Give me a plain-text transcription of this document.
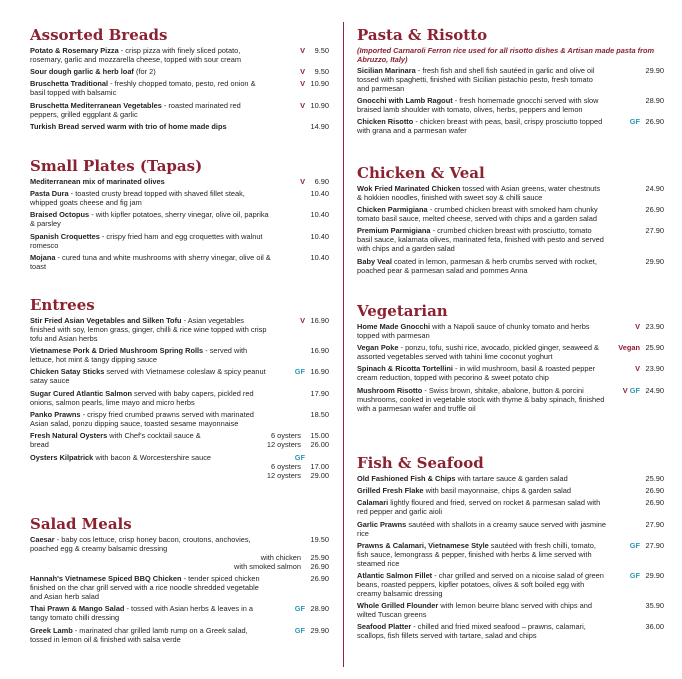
Assorted Breads
Potato & Rosemary Pizza - crisp pizza with finely sliced potato, rosemary, garlic and mozzarella cheese, topped with sour cream
V 9.50
Sour dough garlic & herb loaf (for 2)	V 9.50
Bruschetta Traditional - freshly chopped tomato, pesto, red onion & basil topped with balsamic
V 10.90
Bruschetta Mediterranean Vegetables - roasted marinated red peppers, grilled eggplant & garlic
V 10.90
Turkish Bread served warm with trio of home made dips	14.90
Small Plates (Tapas)
Mediterranean mix of marinated olives	V 6.90
Pasta Dura - toasted crusty bread topped with shaved fillet steak, whipped goats cheese and fig jam
10.40
Braised Octopus - with kipfler potatoes, sherry vinegar, olive oil, paprika & parsley
10.40
Spanish Croquettes - crispy fried ham and egg croquettes with walnut romesco
10.40
Mojana - cured tuna and white mushrooms with sherry vinegar, olive oil & toast
10.40
Entrees
Stir Fried Asian Vegetables and Silken Tofu - Asian vegetables finished with soy, lemon grass, ginger, chilli & rice wine topped with crisp tofu and Asian herbs
V 16.90
Vietnamese Pork & Dried Mushroom Spring Rolls - served with lettuce, hot mint & tangy dipping sauce
16.90
Chicken Satay Sticks served with Vietnamese coleslaw & spicy peanut satay sauce
GF 16.90
Sugar Cured Atlantic Salmon served with baby capers, pickled red onions, salmon pearls, lime mayo and micro herbs
17.90
Panko Prawns - crispy fried crumbed prawns served with marinated Asian salad, ponzu dipping sauce, toasted sesame mayonnaise
18.50
Fresh Natural Oysters with Chef's cocktail sauce & bread
6 oysters	15.00
12 oysters	26.00
Oysters Kilpatrick with bacon & Worcestershire sauce	GF
6 oysters	17.00
12 oysters	29.00
Salad Meals
Caesar - baby cos lettuce, crisp honey bacon, croutons, anchovies, poached egg & creamy balsamic dressing
19.50
with chicken	25.90
with smoked salmon	26.90
Hannah's Vietnamese Spiced BBQ Chicken - tender spiced chicken finished on the char grill served with a rice noodle shredded vegetable and Asian herb salad
26.90
Thai Prawn & Mango Salad - tossed with Asian herbs & leaves in a tangy tomato chilli dressing
GF 28.90
Greek Lamb - marinated char grilled lamb rump on a Greek salad, tossed in lemon oil & finished with salsa verde
GF 29.90
Pasta & Risotto
(Imported Carnaroli Ferron rice used for all risotto dishes & Artisan made pasta from Abruzzo, Italy)
Sicilian Marinara - fresh fish and shell fish sautéed in garlic and olive oil tossed with spaghetti, finished with Sicilian pistachio pesto, fresh tomato and parmesan
29.90
Gnocchi with Lamb Ragout - fresh homemade gnocchi served with slow braised lamb shoulder with tomato, olives, herbs, peppers and lemon
28.90
Chicken Risotto - chicken breast with peas, basil, crispy prosciutto topped with grana and a parmesan wafer
GF 26.90
Chicken & Veal
Wok Fried Marinated Chicken tossed with Asian greens, water chestnuts & hokkien noodles, finished with sweet soy & chilli sauce
24.90
Chicken Parmigiana - crumbed chicken breast with smoked ham chunky tomato basil sauce, melted cheese, served with chips and a garden salad
26.90
Premium Parmigiana - crumbed chicken breast with prosciutto, tomato basil sauce, kalamata olives, marinated feta, finished with pesto and served with chips and a garden salad
27.90
Baby Veal coated in lemon, parmesan & herb crumbs served with rocket, poached pear & parmesan salad and pommes Anna
29.90
Vegetarian
Home Made Gnocchi with a Napoli sauce of chunky tomato and herbs topped with parmesan
V 23.90
Vegan Poke - ponzu, tofu, sushi rice, avocado, pickled ginger, seaweed & assorted vegetables served with tahini lime coconut yoghurt
Vegan 25.90
Spinach & Ricotta Tortellini - in wild mushroom, basil & roasted pepper cream reduction, topped with pecorino & sweet potato chip
V 23.90
Mushroom Risotto - Swiss brown, shitake, abalone, button & porcini mushrooms, cooked in vegetable stock with thyme & baby spinach, finished with a parmesan wafer and truffle oil
V GF 24.90
Fish & Seafood
Old Fashioned Fish & Chips with tartare sauce & garden salad	25.90
Grilled Fresh Flake with basil mayonnaise, chips & garden salad	26.90
Calamari lightly floured and fried, served on rocket & parmesan salad with red pepper and garlic aioli
26.90
Garlic Prawns sautéed with shallots in a creamy sauce served with jasmine rice
27.90
Prawns & Calamari, Vietnamese Style sautéed with fresh chilli, tomato, fish sauce, lemongrass & pepper, finished with herbs & lime served with steamed rice
GF 27.90
Atlantic Salmon Fillet - char grilled and served on a nicoise salad of green beans, roasted peppers, kipfler potatoes, olives & soft boiled egg with creamy balsamic dressing
GF 29.90
Whole Grilled Flounder with lemon beurre blanc served with chips and wilted Tuscan greens
35.90
Seafood Platter - chilled and fried mixed seafood – prawns, calamari, scallops, fish fillets served with tartare, salad and chips
36.00
